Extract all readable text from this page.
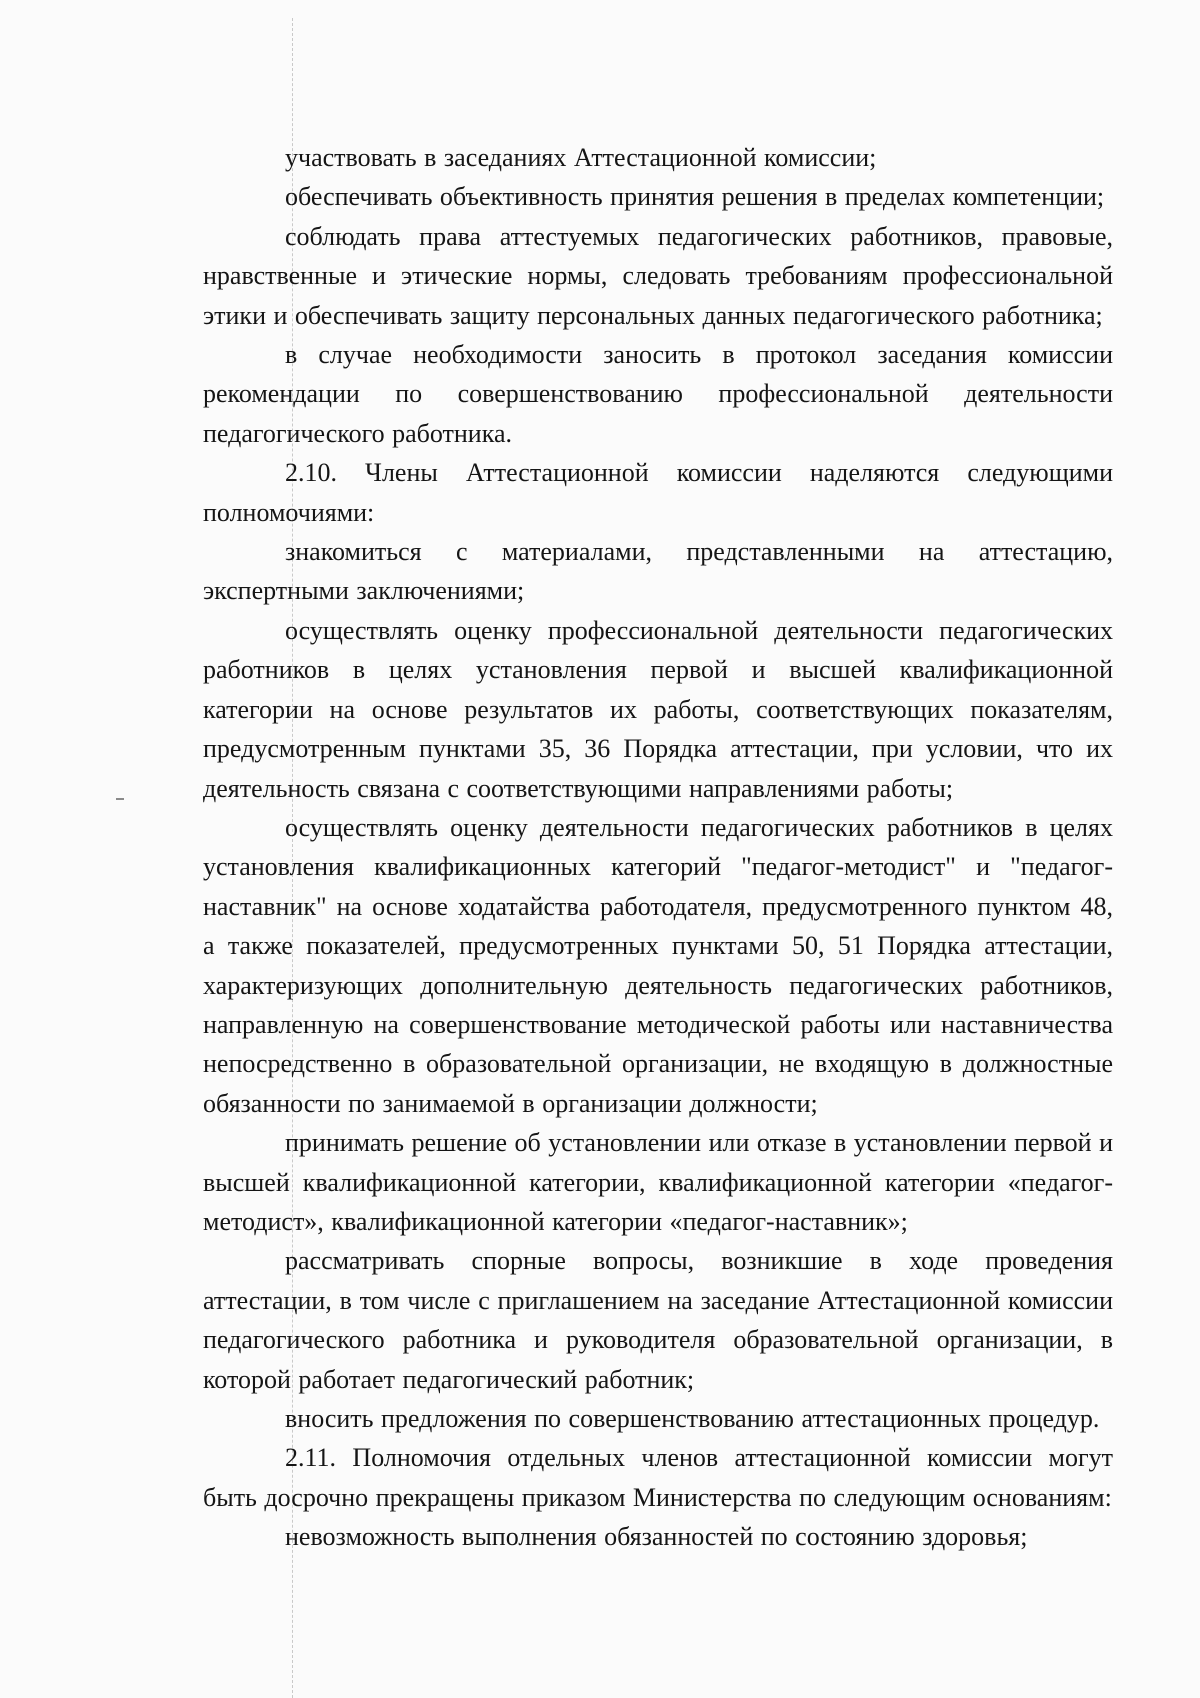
участвовать в заседаниях Аттестационной комиссии;

обеспечивать объективность принятия решения в пределах компетенции;

соблюдать права аттестуемых педагогических работников, правовые, нравственные и этические нормы, следовать требованиям профессиональной этики и обеспечивать защиту персональных данных педагогического работника;

в случае необходимости заносить в протокол заседания комиссии рекомендации по совершенствованию профессиональной деятельности педагогического работника.

2.10. Члены Аттестационной комиссии наделяются следующими полномочиями:

знакомиться с материалами, представленными на аттестацию, экспертными заключениями;

осуществлять оценку профессиональной деятельности педагогических работников в целях установления первой и высшей квалификационной категории на основе результатов их работы, соответствующих показателям, предусмотренным пунктами 35, 36 Порядка аттестации, при условии, что их деятельность связана с соответствующими направлениями работы;

осуществлять оценку деятельности педагогических работников в целях установления квалификационных категорий "педагог-методист" и "педагог-наставник" на основе ходатайства работодателя, предусмотренного пунктом 48, а также показателей, предусмотренных пунктами 50, 51 Порядка аттестации, характеризующих дополнительную деятельность педагогических работников, направленную на совершенствование методической работы или наставничества непосредственно в образовательной организации, не входящую в должностные обязанности по занимаемой в организации должности;

принимать решение об установлении или отказе в установлении первой и высшей квалификационной категории, квалификационной категории «педагог-методист», квалификационной категории «педагог-наставник»;

рассматривать спорные вопросы, возникшие в ходе проведения аттестации, в том числе с приглашением на заседание Аттестационной комиссии педагогического работника и руководителя образовательной организации, в которой работает педагогический работник;

вносить предложения по совершенствованию аттестационных процедур.

2.11. Полномочия отдельных членов аттестационной комиссии могут быть досрочно прекращены приказом Министерства по следующим основаниям:

невозможность выполнения обязанностей по состоянию здоровья;
